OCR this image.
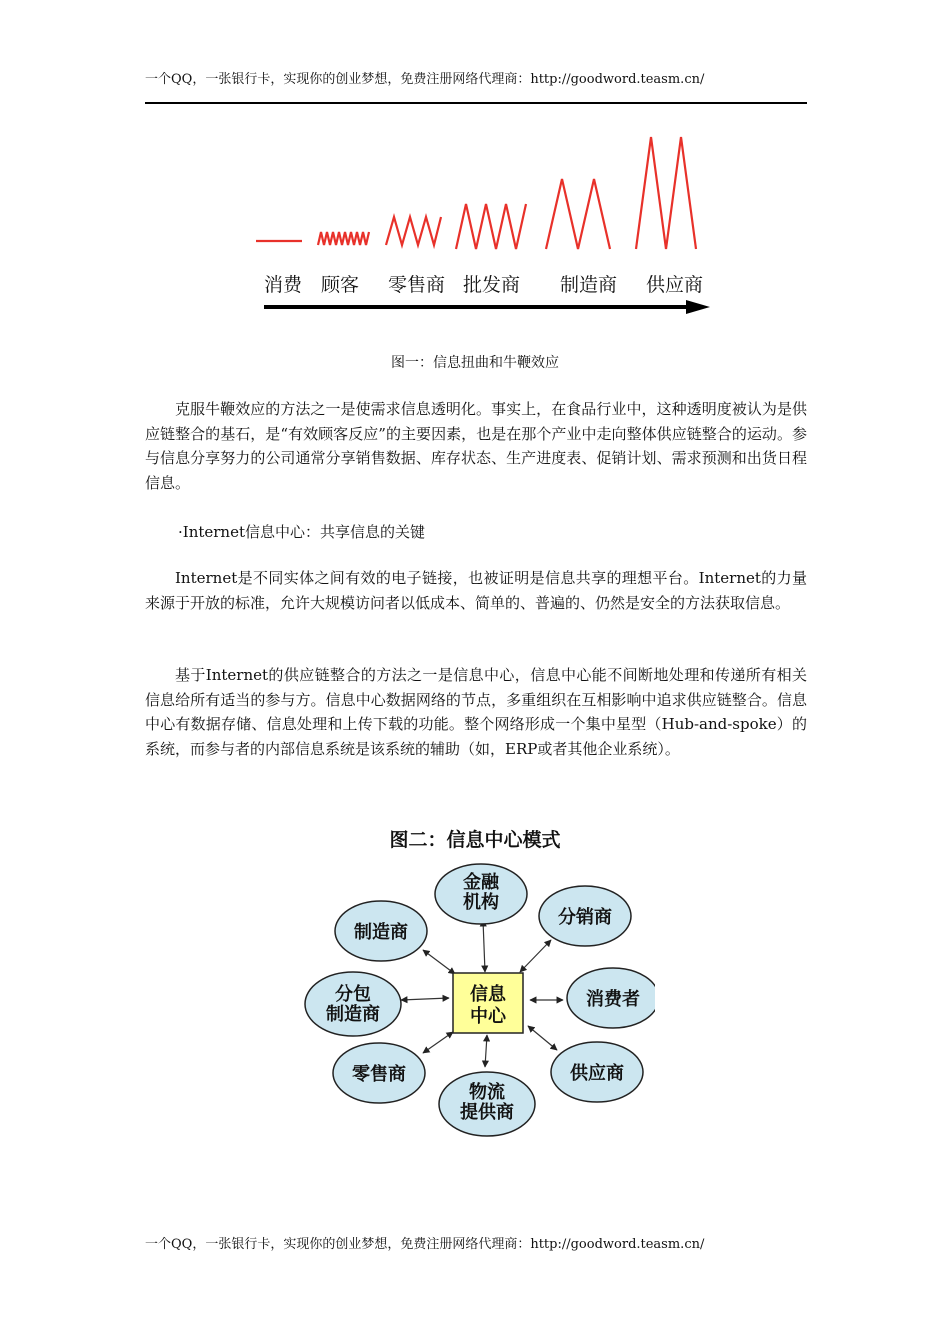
一个QQ，一张银行卡，实现你的创业梦想，免费注册网络代理商：http://goodword.teasm.cn/
消费 顾客 零售商 批发商 制造商 供应商
图一：信息扭曲和牛鞭效应

克服牛鞭效应的方法之一是使需求信息透明化。事实上，在食品行业中，这种透明度被认为是供应链整合的基石，是“有效顾客反应”的主要因素，也是在那个产业中走向整体供应链整合的运动。参与信息分享努力的公司通常分享销售数据、库存状态、生产进度表、促销计划、需求预测和出货日程信息。

·Internet信息中心：共享信息的关键

Internet是不同实体之间有效的电子链接，也被证明是信息共享的理想平台。Internet的力量来源于开放的标准，允许大规模访问者以低成本、简单的、普遍的、仍然是安全的方法获取信息。

基于Internet的供应链整合的方法之一是信息中心，信息中心能不间断地处理和传递所有相关信息给所有适当的参与方。信息中心数据网络的节点，多重组织在互相影响中追求供应链整合。信息中心有数据存储、信息处理和上传下载的功能。整个网络形成一个集中星型（Hub-and-spoke）的系统，而参与者的内部信息系统是该系统的辅助（如，ERP或者其他企业系统）。

图二：信息中心模式
信息
中心
金融
机构
分销商
制造商
消费者
分包
制造商
零售商	供应商
物流
提供商
一个QQ，一张银行卡，实现你的创业梦想，免费注册网络代理商：http://goodword.teasm.cn/
